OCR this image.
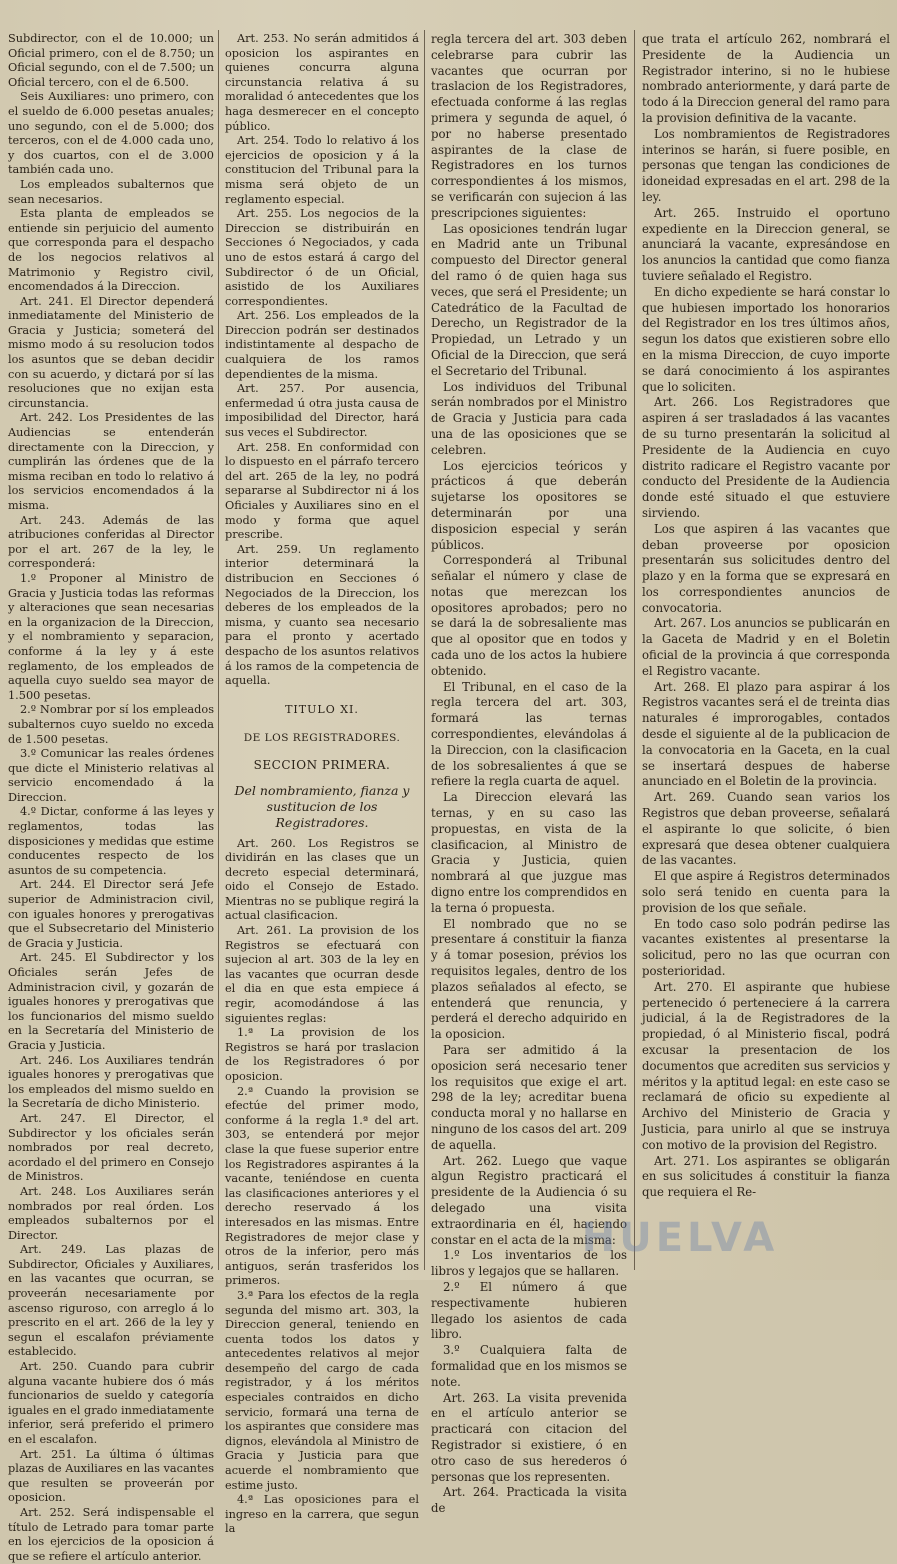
Subdirector, con el de 10.000; un Oficial primero, con el de 8.750; un Oficial segundo, con el de 7.500; un Oficial tercero, con el de 6.500.

Seis Auxiliares: uno primero, con el sueldo de 6.000 pesetas anuales; uno segundo, con el de 5.000; dos terceros, con el de 4.000 cada uno, y dos cuartos, con el de 3.000 también cada uno.

Los empleados subalternos que sean necesarios.

Esta planta de empleados se entiende sin perjuicio del aumento que corresponda para el despacho de los negocios relativos al Matrimonio y Registro civil, encomendados á la Direccion.

Art. 241. El Director dependerá inmediatamente del Ministerio de Gracia y Justicia; someterá del mismo modo á su resolucion todos los asuntos que se deban decidir con su acuerdo, y dictará por sí las resoluciones que no exijan esta circunstancia.

Art. 242. Los Presidentes de las Audiencias se entenderán directamente con la Direccion, y cumplirán las órdenes que de la misma reciban en todo lo relativo á los servicios encomendados á la misma.

Art. 243. Además de las atribuciones conferidas al Director por el art. 267 de la ley, le corresponderá:

1.º Proponer al Ministro de Gracia y Justicia todas las reformas y alteraciones que sean necesarias en la organizacion de la Direccion, y el nombramiento y separacion, conforme á la ley y á este reglamento, de los empleados de aquella cuyo sueldo sea mayor de 1.500 pesetas.

2.º Nombrar por sí los empleados subalternos cuyo sueldo no exceda de 1.500 pesetas.

3.º Comunicar las reales órdenes que dicte el Ministerio relativas al servicio encomendado á la Direccion.

4.º Dictar, conforme á las leyes y reglamentos, todas las disposiciones y medidas que estime conducentes respecto de los asuntos de su competencia.

Art. 244. El Director será Jefe superior de Administracion civil, con iguales honores y prerogativas que el Subsecretario del Ministerio de Gracia y Justicia.

Art. 245. El Subdirector y los Oficiales serán Jefes de Administracion civil, y gozarán de iguales honores y prerogativas que los funcionarios del mismo sueldo en la Secretaría del Ministerio de Gracia y Justicia.

Art. 246. Los Auxiliares tendrán iguales honores y prerogativas que los empleados del mismo sueldo en la Secretaría de dicho Ministerio.

Art. 247. El Director, el Subdirector y los oficiales serán nombrados por real decreto, acordado el del primero en Consejo de Ministros.

Art. 248. Los Auxiliares serán nombrados por real órden. Los empleados subalternos por el Director.

Art. 249. Las plazas de Subdirector, Oficiales y Auxiliares, en las vacantes que ocurran, se proveerán necesariamente por ascenso riguroso, con arreglo á lo prescrito en el art. 266 de la ley y segun el escalafon préviamente establecido.

Art. 250. Cuando para cubrir alguna vacante hubiere dos ó más funcionarios de sueldo y categoría iguales en el grado inmediatamente inferior, será preferido el primero en el escalafon.

Art. 251. La última ó últimas plazas de Auxiliares en las vacantes que resulten se proveerán por oposicion.

Art. 252. Será indispensable el título de Letrado para tomar parte en los ejercicios de la oposicion á que se refiere el artículo anterior.

Art. 253. No serán admitidos á oposicion los aspirantes en quienes concurra alguna circunstancia relativa á su moralidad ó antecedentes que los haga desmerecer en el concepto público.

Art. 254. Todo lo relativo á los ejercicios de oposicion y á la constitucion del Tribunal para la misma será objeto de un reglamento especial.

Art. 255. Los negocios de la Direccion se distribuirán en Secciones ó Negociados, y cada uno de estos estará á cargo del Subdirector ó de un Oficial, asistido de los Auxiliares correspondientes.

Art. 256. Los empleados de la Direccion podrán ser destinados indistintamente al despacho de cualquiera de los ramos dependientes de la misma.

Art. 257. Por ausencia, enfermedad ú otra justa causa de imposibilidad del Director, hará sus veces el Subdirector.

Art. 258. En conformidad con lo dispuesto en el párrafo tercero del art. 265 de la ley, no podrá separarse al Subdirector ni á los Oficiales y Auxiliares sino en el modo y forma que aquel prescribe.

Art. 259. Un reglamento interior determinará la distribucion en Secciones ó Negociados de la Direccion, los deberes de los empleados de la misma, y cuanto sea necesario para el pronto y acertado despacho de los asuntos relativos á los ramos de la competencia de aquella.

TITULO XI.
DE LOS REGISTRADORES.
SECCION PRIMERA.
Del nombramiento, fianza y sustitucion de los Registradores.

Art. 260. Los Registros se dividirán en las clases que un decreto especial determinará, oido el Consejo de Estado. Mientras no se publique regirá la actual clasificacion.

Art. 261. La provision de los Registros se efectuará con sujecion al art. 303 de la ley en las vacantes que ocurran desde el dia en que esta empiece á regir, acomodándose á las siguientes reglas:

1.ª La provision de los Registros se hará por traslacion de los Registradores ó por oposicion.

2.ª Cuando la provision se efectúe del primer modo, conforme á la regla 1.ª del art. 303, se entenderá por mejor clase la que fuese superior entre los Registradores aspirantes á la vacante, teniéndose en cuenta las clasificaciones anteriores y el derecho reservado á los interesados en las mismas. Entre Registradores de mejor clase y otros de la inferior, pero más antiguos, serán trasferidos los primeros.

3.ª Para los efectos de la regla segunda del mismo art. 303, la Direccion general, teniendo en cuenta todos los datos y antecedentes relativos al mejor desempeño del cargo de cada registrador, y á los méritos especiales contraidos en dicho servicio, formará una terna de los aspirantes que considere mas dignos, elevándola al Ministro de Gracia y Justicia para que acuerde el nombramiento que estime justo.

4.ª Las oposiciones para el ingreso en la carrera, que segun la

regla tercera del art. 303 deben celebrarse para cubrir las vacantes que ocurran por traslacion de los Registradores, efectuada conforme á las reglas primera y segunda de aquel, ó por no haberse presentado aspirantes de la clase de Registradores en los turnos correspondientes á los mismos, se verificarán con sujecion á las prescripciones siguientes:

Las oposiciones tendrán lugar en Madrid ante un Tribunal compuesto del Director general del ramo ó de quien haga sus veces, que será el Presidente; un Catedrático de la Facultad de Derecho, un Registrador de la Propiedad, un Letrado y un Oficial de la Direccion, que será el Secretario del Tribunal.

Los individuos del Tribunal serán nombrados por el Ministro de Gracia y Justicia para cada una de las oposiciones que se celebren.

Los ejercicios teóricos y prácticos á que deberán sujetarse los opositores se determinarán por una disposicion especial y serán públicos.

Corresponderá al Tribunal señalar el número y clase de notas que merezcan los opositores aprobados; pero no se dará la de sobresaliente mas que al opositor que en todos y cada uno de los actos la hubiere obtenido.

El Tribunal, en el caso de la regla tercera del art. 303, formará las ternas correspondientes, elevándolas á la Direccion, con la clasificacion de los sobresalientes á que se refiere la regla cuarta de aquel.

La Direccion elevará las ternas, y en su caso las propuestas, en vista de la clasificacion, al Ministro de Gracia y Justicia, quien nombrará al que juzgue mas digno entre los comprendidos en la terna ó propuesta.

El nombrado que no se presentare á constituir la fianza y á tomar posesion, prévios los requisitos legales, dentro de los plazos señalados al efecto, se entenderá que renuncia, y perderá el derecho adquirido en la oposicion.

Para ser admitido á la oposicion será necesario tener los requisitos que exige el art. 298 de la ley; acreditar buena conducta moral y no hallarse en ninguno de los casos del art. 209 de aquella.

Art. 262. Luego que vaque algun Registro practicará el presidente de la Audiencia ó su delegado una visita extraordinaria en él, haciendo constar en el acta de la misma:

1.º Los inventarios de los libros y legajos que se hallaren.

2.º El número á que respectivamente hubieren llegado los asientos de cada libro.

3.º Cualquiera falta de formalidad que en los mismos se note.

Art. 263. La visita prevenida en el artículo anterior se practicará con citacion del Registrador si existiere, ó en otro caso de sus herederos ó personas que los representen.

Art. 264. Practicada la visita de

que trata el artículo 262, nombrará el Presidente de la Audiencia un Registrador interino, si no le hubiese nombrado anteriormente, y dará parte de todo á la Direccion general del ramo para la provision definitiva de la vacante.

Los nombramientos de Registradores interinos se harán, si fuere posible, en personas que tengan las condiciones de idoneidad expresadas en el art. 298 de la ley.

Art. 265. Instruido el oportuno expediente en la Direccion general, se anunciará la vacante, expresándose en los anuncios la cantidad que como fianza tuviere señalado el Registro.

En dicho expediente se hará constar lo que hubiesen importado los honorarios del Registrador en los tres últimos años, segun los datos que existieren sobre ello en la misma Direccion, de cuyo importe se dará conocimiento á los aspirantes que lo soliciten.

Art. 266. Los Registradores que aspiren á ser trasladados á las vacantes de su turno presentarán la solicitud al Presidente de la Audiencia en cuyo distrito radicare el Registro vacante por conducto del Presidente de la Audiencia donde esté situado el que estuviere sirviendo.

Los que aspiren á las vacantes que deban proveerse por oposicion presentarán sus solicitudes dentro del plazo y en la forma que se expresará en los correspondientes anuncios de convocatoria.

Art. 267. Los anuncios se publicarán en la Gaceta de Madrid y en el Boletin oficial de la provincia á que corresponda el Registro vacante.

Art. 268. El plazo para aspirar á los Registros vacantes será el de treinta dias naturales é improrogables, contados desde el siguiente al de la publicacion de la convocatoria en la Gaceta, en la cual se insertará despues de haberse anunciado en el Boletin de la provincia.

Art. 269. Cuando sean varios los Registros que deban proveerse, señalará el aspirante lo que solicite, ó bien expresará que desea obtener cualquiera de las vacantes.

El que aspire á Registros determinados solo será tenido en cuenta para la provision de los que señale.

En todo caso solo podrán pedirse las vacantes existentes al presentarse la solicitud, pero no las que ocurran con posterioridad.

Art. 270. El aspirante que hubiese pertenecido ó perteneciere á la carrera judicial, á la de Registradores de la propiedad, ó al Ministerio fiscal, podrá excusar la presentacion de los documentos que acrediten sus servicios y méritos y la aptitud legal: en este caso se reclamará de oficio su expediente al Archivo del Ministerio de Gracia y Justicia, para unirlo al que se instruya con motivo de la provision del Registro.

Art. 271. Los aspirantes se obligarán en sus solicitudes á constituir la fianza que requiera el Re-

HUELVA
